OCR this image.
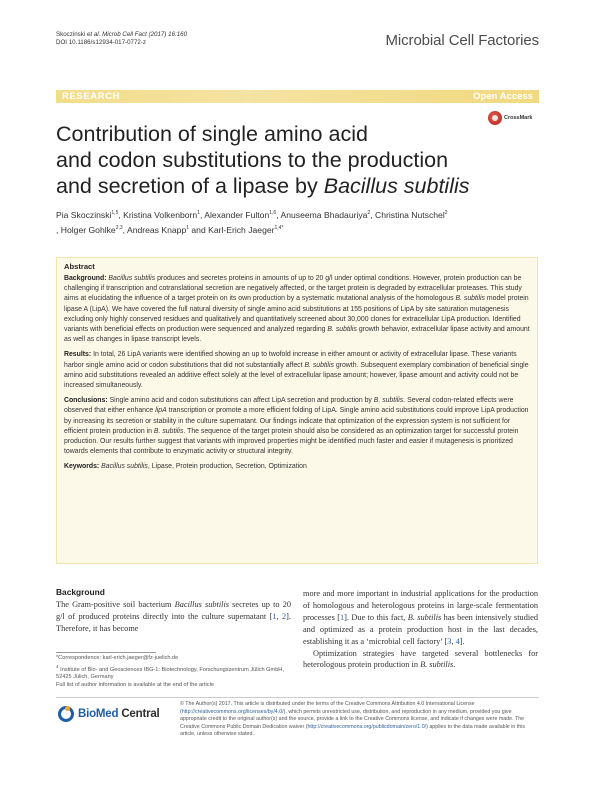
Skoczinski et al. Microb Cell Fact (2017) 16:160
DOI 10.1186/s12934-017-0772-z	Microbial Cell Factories
RESEARCH	Open Access
CrossMark
Contribution of single amino acid
and codon substitutions to the production
and secretion of a lipase by Bacillus subtilis
Pia Skoczinski$^{1,5}$, Kristina Volkenborn$^1$, Alexander Fulton$^{1,6}$, Anuseema Bhadauriya$^2$, Christina Nutschel$^2$
, Holger Gohlke$^{2,3}$, Andreas Knapp$^1$ and Karl-Erich Jaeger$^{1,4*}$
Abstract

Background: Bacillus subtilis produces and secretes proteins in amounts of up to 20 g/l under optimal conditions. However, protein production can be challenging if transcription and cotranslational secretion are negatively affected, or the target protein is degraded by extracellular proteases. This study aims at elucidating the influence of a target protein on its own production by a systematic mutational analysis of the homologous B. subtilis model protein lipase A (LipA). We have covered the full natural diversity of single amino acid substitutions at 155 positions of LipA by site saturation mutagenesis excluding only highly conserved residues and qualitatively and quantitatively screened about 30,000 clones for extracellular LipA production. Identified variants with beneficial effects on production were sequenced and analyzed regarding B. subtilis growth behavior, extracellular lipase activity and amount as well as changes in lipase transcript levels.

Results: In total, 26 LipA variants were identified showing an up to twofold increase in either amount or activity of extracellular lipase. These variants harbor single amino acid or codon substitutions that did not substantially affect B. subtilis growth. Subsequent exemplary combination of beneficial single amino acid substitutions revealed an additive effect solely at the level of extracellular lipase amount; however, lipase amount and activity could not be increased simultaneously.

Conclusions: Single amino acid and codon substitutions can affect LipA secretion and production by B. subtilis. Several codon-related effects were observed that either enhance lipA transcription or promote a more efficient folding of LipA. Single amino acid substitutions could improve LipA production by increasing its secretion or stability in the culture supernatant. Our findings indicate that optimization of the expression system is not sufficient for efficient protein production in B. subtilis. The sequence of the target protein should also be considered as an optimization target for successful protein production. Our results further suggest that variants with improved properties might be identified much faster and easier if mutagenesis is prioritized towards elements that contribute to enzymatic activity or structural integrity.

Keywords: Bacillus subtilis, Lipase, Protein production, Secretion, Optimization

Background

The Gram-positive soil bacterium Bacillus subtilis secretes up to 20 g/l of produced proteins directly into the culture supernatant [1, 2]. Therefore, it has become

*Correspondence: karl-erich.jaeger@fz-juelich.de
$^4$ Institute of Bio- and Geosciences IBG-1: Biotechnology, Forschungszentrum Jülich GmbH, 52425 Jülich, Germany
Full list of author information is available at the end of the article

more and more important in industrial applications for the production of homologous and heterologous proteins in large-scale fermentation processes [1]. Due to this fact, B. subtilis has been intensively studied and optimized as a protein production host in the last decades, establishing it as a ‘microbial cell factory’ [3, 4].

Optimization strategies have targeted several bottlenecks for heterologous protein production in B. subtilis.

BioMed Central
© The Author(s) 2017. This article is distributed under the terms of the Creative Commons Attribution 4.0 International License (http://creativecommons.org/licenses/by/4.0/), which permits unrestricted use, distribution, and reproduction in any medium, provided you give appropriate credit to the original author(s) and the source, provide a link to the Creative Commons license, and indicate if changes were made. The Creative Commons Public Domain Dedication waiver (http://creativecommons.org/publicdomain/zero/1.0/) applies to the data made available in this article, unless otherwise stated.
